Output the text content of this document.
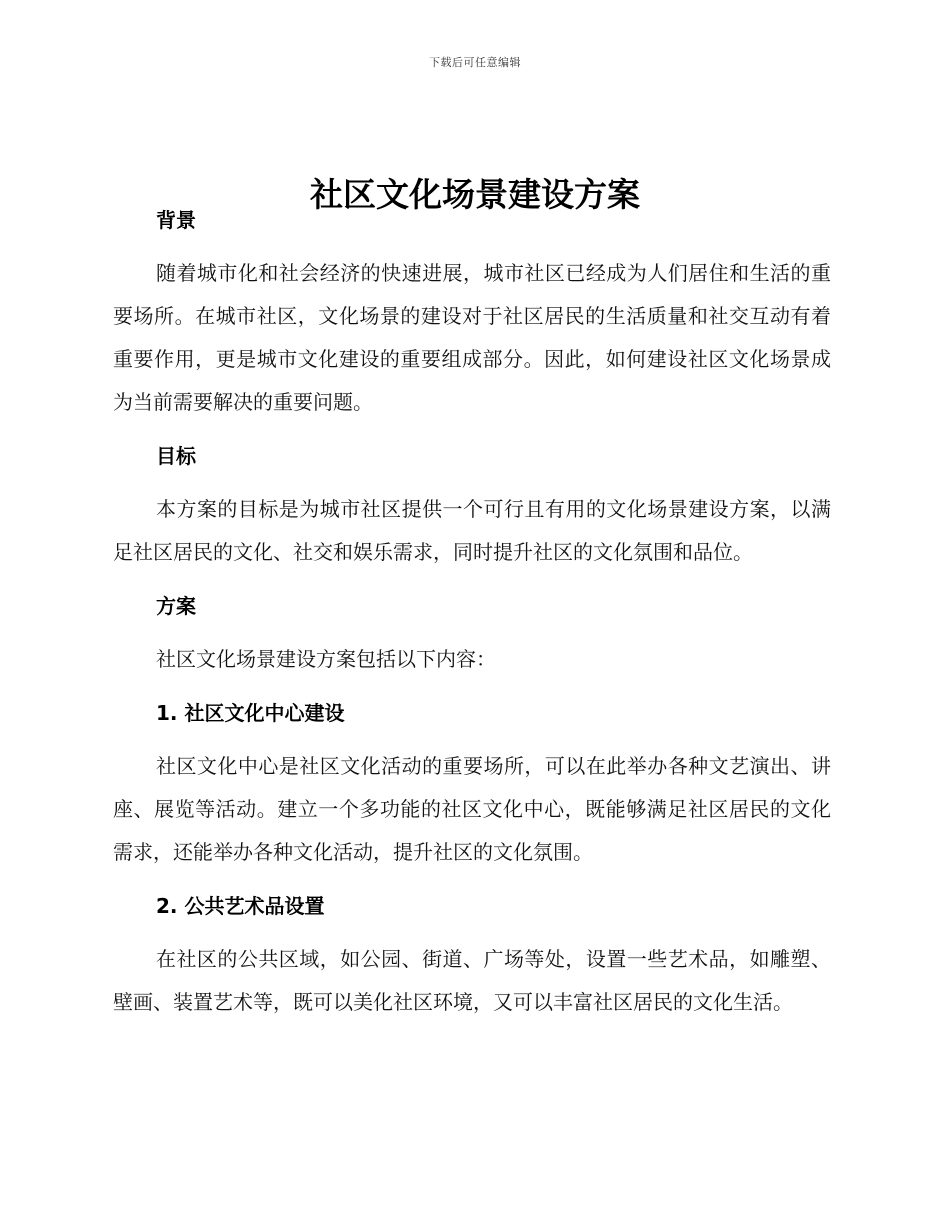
下载后可任意编辑
社区文化场景建设方案
背景

随着城市化和社会经济的快速进展，城市社区已经成为人们居住和生活的重要场所。在城市社区，文化场景的建设对于社区居民的生活质量和社交互动有着重要作用，更是城市文化建设的重要组成部分。因此，如何建设社区文化场景成为当前需要解决的重要问题。

目标

本方案的目标是为城市社区提供一个可行且有用的文化场景建设方案，以满足社区居民的文化、社交和娱乐需求，同时提升社区的文化氛围和品位。

方案

社区文化场景建设方案包括以下内容：

1. 社区文化中心建设

社区文化中心是社区文化活动的重要场所，可以在此举办各种文艺演出、讲座、展览等活动。建立一个多功能的社区文化中心，既能够满足社区居民的文化需求，还能举办各种文化活动，提升社区的文化氛围。

2. 公共艺术品设置

在社区的公共区域，如公园、街道、广场等处，设置一些艺术品，如雕塑、壁画、装置艺术等，既可以美化社区环境，又可以丰富社区居民的文化生活。
